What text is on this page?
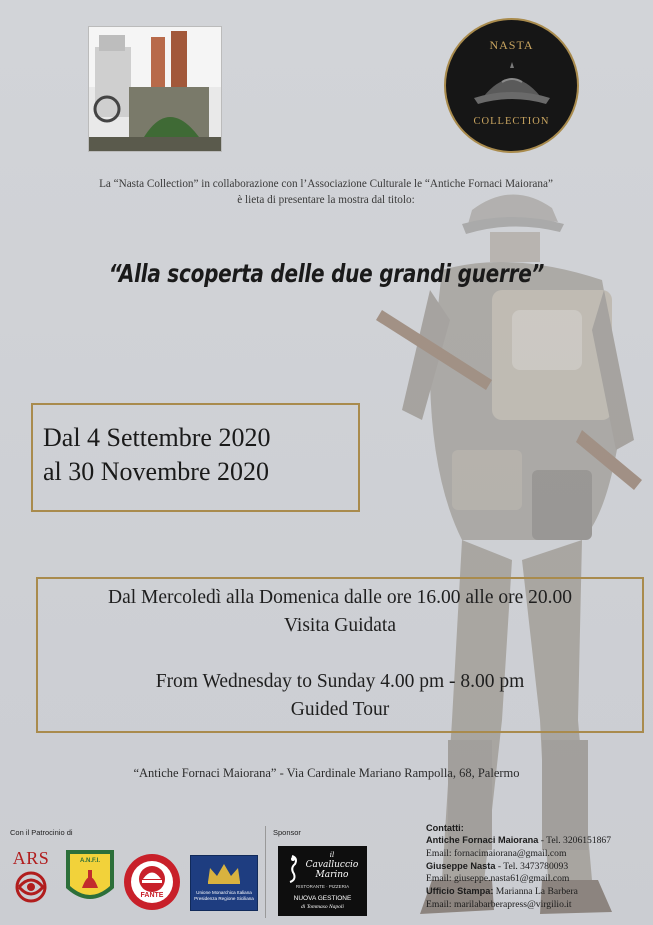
NASTA
COLLECTION
La “Nasta Collection” in collaborazione con l’Associazione Culturale le “Antiche Fornaci Maiorana”
è lieta di presentare la mostra dal titolo:
“Alla scoperta delle due grandi guerre”
Dal 4 Settembre 2020
al 30 Novembre 2020
Dal Mercoledì alla Domenica dalle ore 16.00 alle ore 20.00
Visita Guidata
From Wednesday to Sunday 4.00 pm - 8.00 pm
Guided Tour
“Antiche Fornaci Maiorana” - Via Cardinale Mariano Rampolla, 68, Palermo
Con il Patrocinio di
ARS	A.N.F.I.
FANTE	Unione Monarchica Italiana
Presidenza Regione Siciliana
Sponsor
il
Cavalluccio
Marino
RISTORANTE · PIZZERIA
NUOVA GESTIONE
di Tommaso Napoli
Contatti:
Antiche Fornaci Maiorana - Tel. 3206151867
Email: fornacimaiorana@gmail.com
Giuseppe Nasta - Tel. 3473780093
Email: giuseppe.nasta61@gmail.com
Ufficio Stampa: Marianna La Barbera
Email: marilabarberapress@virgilio.it
